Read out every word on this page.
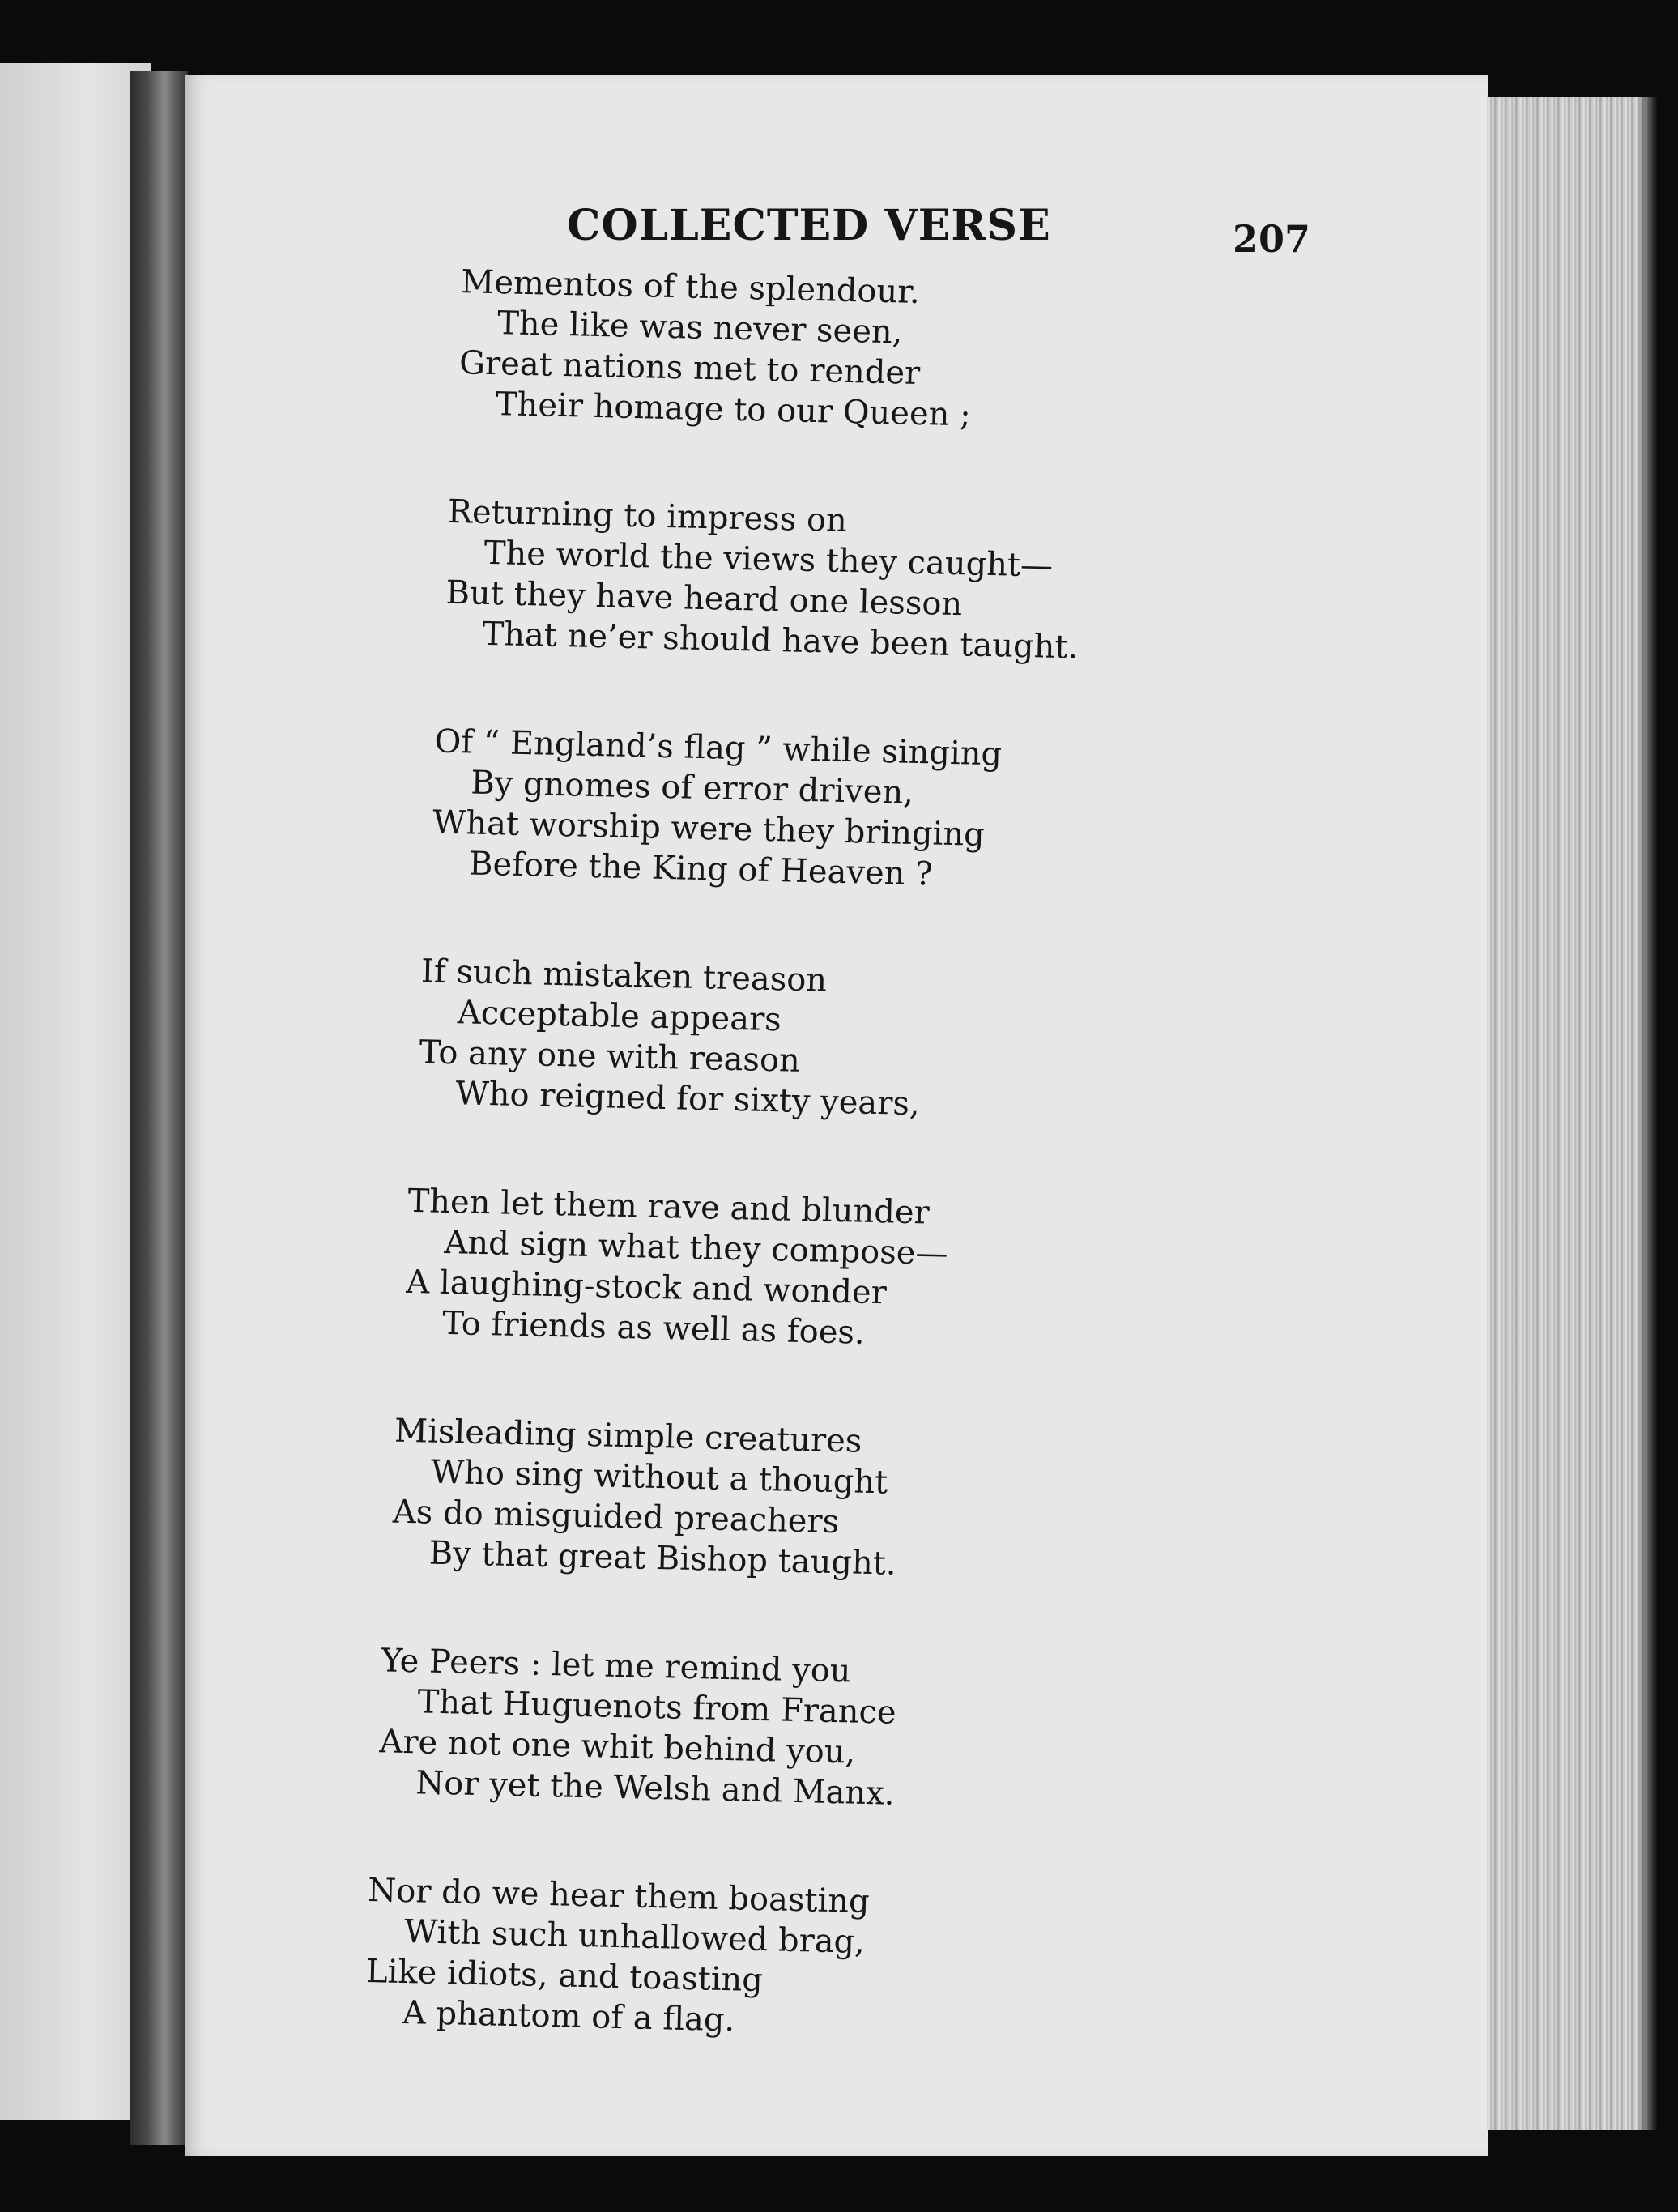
COLLECTED VERSE	207
Mementos of the splendour.
The like was never seen,
Great nations met to render
Their homage to our Queen ;
Returning to impress on
The world the views they caught—
But they have heard one lesson
That ne’er should have been taught.
Of “ England’s flag ” while singing
By gnomes of error driven,
What worship were they bringing
Before the King of Heaven ?
If such mistaken treason
Acceptable appears
To any one with reason
Who reigned for sixty years,
Then let them rave and blunder
And sign what they compose—
A laughing-stock and wonder
To friends as well as foes.
Misleading simple creatures
Who sing without a thought
As do misguided preachers
By that great Bishop taught.
Ye Peers : let me remind you
That Huguenots from France
Are not one whit behind you,
Nor yet the Welsh and Manx.
Nor do we hear them boasting
With such unhallowed brag,
Like idiots, and toasting
A phantom of a flag.
